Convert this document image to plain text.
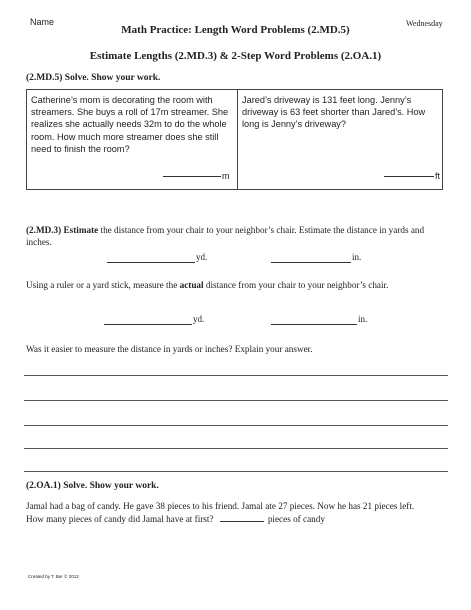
Name	Wednesday
Math Practice: Length Word Problems (2.MD.5)
Estimate Lengths (2.MD.3) & 2-Step Word Problems (2.OA.1)
(2.MD.5) Solve. Show your work.
Catherine’s mom is decorating the room with streamers. She buys a roll of 17m streamer. She realizes she actually needs 32m to do the whole room. How much more streamer does she still need to finish the room?
m
Jared’s driveway is 131 feet long. Jenny’s driveway is 63 feet shorter than Jared’s. How long is Jenny’s driveway?
ft
(2.MD.3) Estimate the distance from your chair to your neighbor’s chair. Estimate the distance in yards and inches.
yd.	in.
Using a ruler or a yard stick, measure the actual distance from your chair to your neighbor’s chair.
yd.	in.
Was it easier to measure the distance in yards or inches? Explain your answer.
(2.OA.1) Solve. Show your work.
Jamal had a bag of candy. He gave 38 pieces to his friend. Jamal ate 27 pieces. Now he has 21 pieces left. How many pieces of candy did Jamal have at first?	pieces of candy
Created by T. Ber © 2012
